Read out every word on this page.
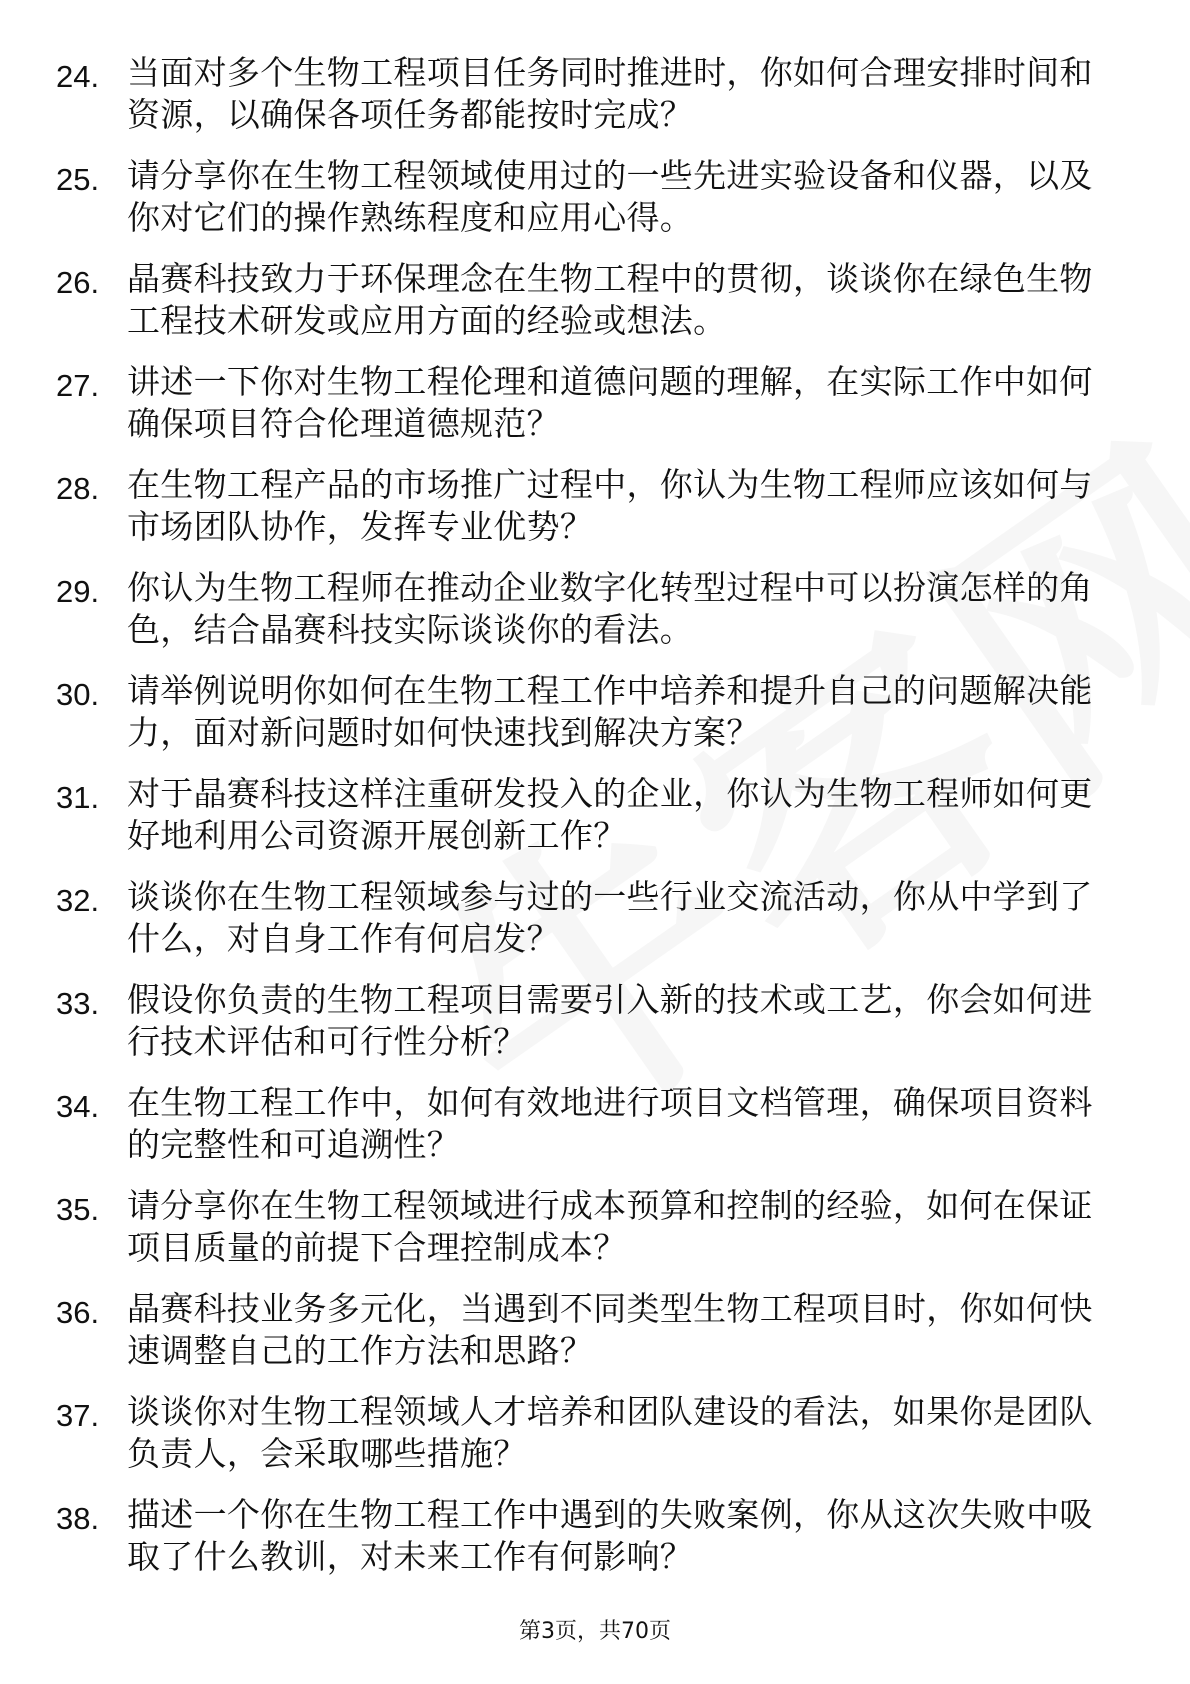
24. 当面对多个生物工程项目任务同时推进时，你如何合理安排时间和资源，以确保各项任务都能按时完成？
25. 请分享你在生物工程领域使用过的一些先进实验设备和仪器，以及你对它们的操作熟练程度和应用心得。
26. 晶赛科技致力于环保理念在生物工程中的贯彻，谈谈你在绿色生物工程技术研发或应用方面的经验或想法。
27. 讲述一下你对生物工程伦理和道德问题的理解，在实际工作中如何确保项目符合伦理道德规范？
28. 在生物工程产品的市场推广过程中，你认为生物工程师应该如何与市场团队协作，发挥专业优势？
29. 你认为生物工程师在推动企业数字化转型过程中可以扮演怎样的角色，结合晶赛科技实际谈谈你的看法。
30. 请举例说明你如何在生物工程工作中培养和提升自己的问题解决能力，面对新问题时如何快速找到解决方案？
31. 对于晶赛科技这样注重研发投入的企业，你认为生物工程师如何更好地利用公司资源开展创新工作？
32. 谈谈你在生物工程领域参与过的一些行业交流活动，你从中学到了什么，对自身工作有何启发？
33. 假设你负责的生物工程项目需要引入新的技术或工艺，你会如何进行技术评估和可行性分析？
34. 在生物工程工作中，如何有效地进行项目文档管理，确保项目资料的完整性和可追溯性？
35. 请分享你在生物工程领域进行成本预算和控制的经验，如何在保证项目质量的前提下合理控制成本？
36. 晶赛科技业务多元化，当遇到不同类型生物工程项目时，你如何快速调整自己的工作方法和思路？
37. 谈谈你对生物工程领域人才培养和团队建设的看法，如果你是团队负责人，会采取哪些措施？
38. 描述一个你在生物工程工作中遇到的失败案例，你从这次失败中吸取了什么教训，对未来工作有何影响？
第3页，共70页
